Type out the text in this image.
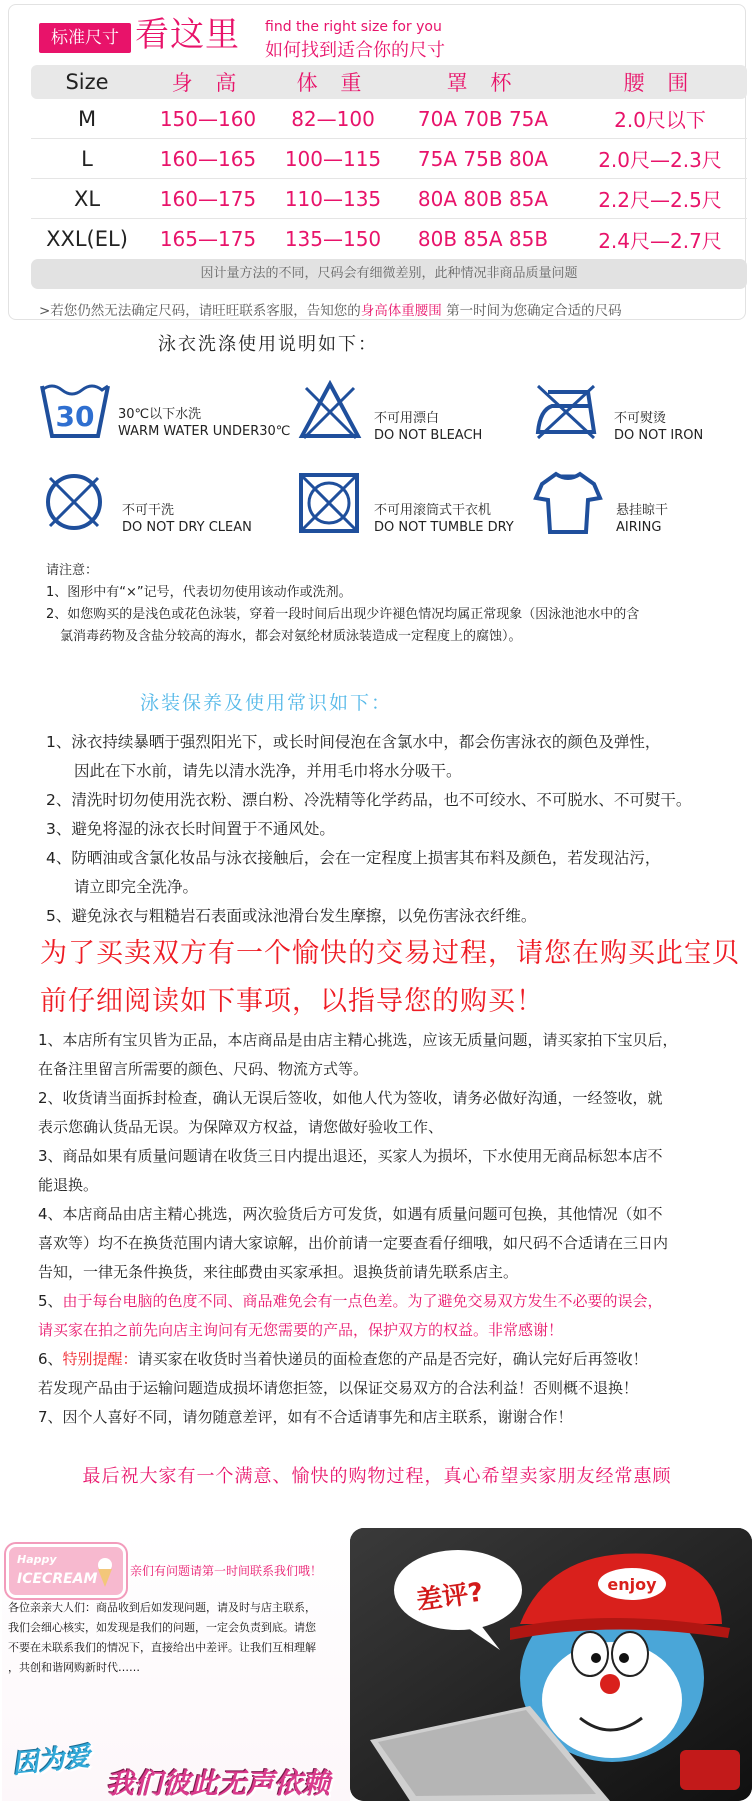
标准尺寸 看这里 find the right size for you
如何找到适合你的尺寸
Size	身 高	体 重	罩 杯	腰 围
M	150—160	82—100	70A 70B 75A	2.0尺以下
L	160—165	100—115	75A 75B 80A	2.0尺—2.3尺
XL	160—175	110—135	80A 80B 85A	2.2尺—2.5尺
XXL(EL)	165—175	135—150	80B 85A 85B	2.4尺—2.7尺
因计量方法的不同，尺码会有细微差别，此种情况非商品质量问题
>若您仍然无法确定尺码，请旺旺联系客服，告知您的身高体重腰围 第一时间为您确定合适的尺码
泳衣洗涤使用说明如下：
30 30℃以下水洗
WARM WATER UNDER30℃
不可用漂白
DO NOT BLEACH
不可熨烫
DO NOT IRON
不可干洗
DO NOT DRY CLEAN
不可用滚筒式干衣机
DO NOT TUMBLE DRY
悬挂晾干
AIRING
请注意：
1、图形中有“×”记号，代表切勿使用该动作或洗剂。
2、如您购买的是浅色或花色泳装，穿着一段时间后出现少许褪色情况均属正常现象（因泳池池水中的含
氯消毒药物及含盐分较高的海水，都会对氨纶材质泳装造成一定程度上的腐蚀）。
泳装保养及使用常识如下：
1、泳衣持续暴晒于强烈阳光下，或长时间侵泡在含氯水中，都会伤害泳衣的颜色及弹性，
因此在下水前，请先以清水洗净，并用毛巾将水分吸干。
2、清洗时切勿使用洗衣粉、漂白粉、冷洗精等化学药品，也不可绞水、不可脱水、不可熨干。
3、避免将湿的泳衣长时间置于不通风处。
4、防晒油或含氯化妆品与泳衣接触后，会在一定程度上损害其布料及颜色，若发现沾污，
请立即完全洗净。
5、避免泳衣与粗糙岩石表面或泳池滑台发生摩擦，以免伤害泳衣纤维。
为了买卖双方有一个愉快的交易过程，请您在购买此宝贝
前仔细阅读如下事项，以指导您的购买！
1、本店所有宝贝皆为正品，本店商品是由店主精心挑选，应该无质量问题，请买家拍下宝贝后，
在备注里留言所需要的颜色、尺码、物流方式等。
2、收货请当面拆封检查，确认无误后签收，如他人代为签收，请务必做好沟通，一经签收，就
表示您确认货品无误。为保障双方权益，请您做好验收工作、
3、商品如果有质量问题请在收货三日内提出退还，买家人为损坏，下水使用无商品标恕本店不
能退换。
4、本店商品由店主精心挑选，两次验货后方可发货，如遇有质量问题可包换，其他情况（如不
喜欢等）均不在换货范围内请大家谅解，出价前请一定要查看仔细哦，如尺码不合适请在三日内
告知，一律无条件换货，来往邮费由买家承担。退换货前请先联系店主。
5、由于每台电脑的色度不同、商品难免会有一点色差。为了避免交易双方发生不必要的误会，
请买家在拍之前先向店主询问有无您需要的产品，保护双方的权益。非常感谢！
6、特别提醒：请买家在收货时当着快递员的面检查您的产品是否完好，确认完好后再签收！
若发现产品由于运输问题造成损坏请您拒签，以保证交易双方的合法利益！否则概不退换！
7、因个人喜好不同，请勿随意差评，如有不合适请事先和店主联系，谢谢合作！
最后祝大家有一个满意、愉快的购物过程，真心希望卖家朋友经常惠顾
Happy
ICECREAM	亲们有问题请第一时间联系我们哦！
各位亲亲大人们：商品收到后如发现问题，请及时与店主联系，
我们会细心核实，如发现是我们的问题，一定会负责到底。请您
不要在未联系我们的情况下，直接给出中差评。让我们互相理解
，共创和谐网购新时代……
因为爱
我们彼此无声依赖
enjoy
差评?
